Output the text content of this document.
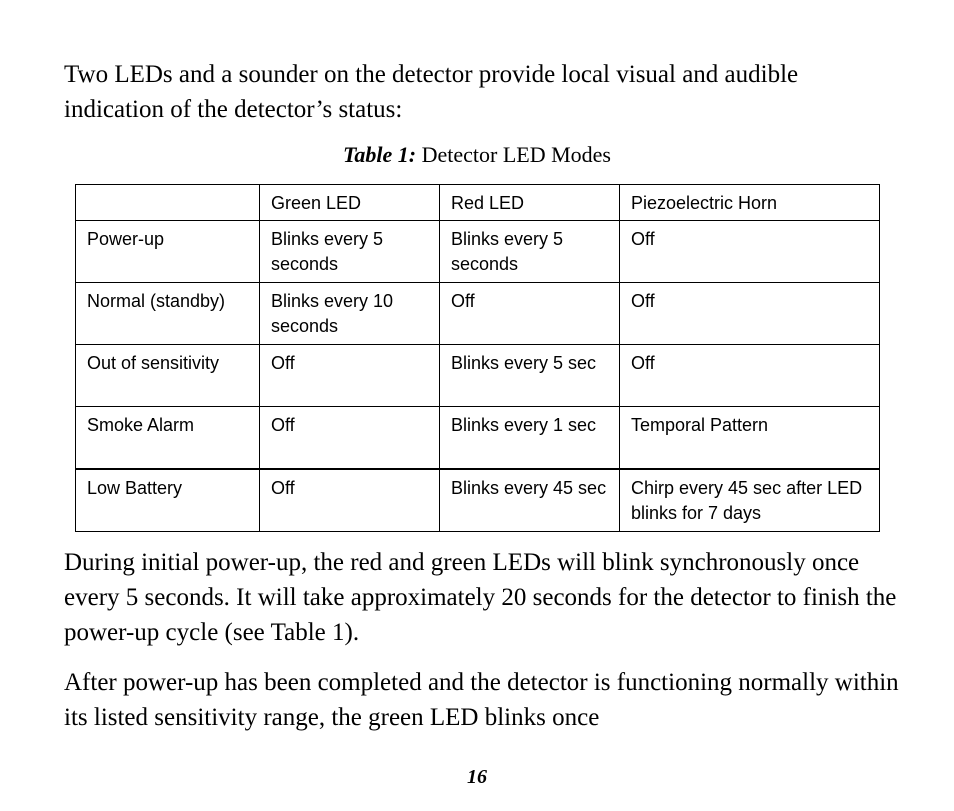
Two LEDs and a sounder on the detector provide local visual and audible indication of the detector’s status:

Table 1: Detector LED Modes
	Green LED	Red LED	Piezoelectric Horn
Power-up	Blinks every 5 seconds	Blinks every 5 seconds	Off
Normal (standby)	Blinks every 10 seconds	Off	Off
Out of sensitivity	Off	Blinks every 5 sec	Off
Smoke Alarm	Off	Blinks every 1 sec	Temporal Pattern
Low Battery	Off	Blinks every 45 sec	Chirp every 45 sec after LED blinks for 7 days

During initial power-up, the red and green LEDs will blink synchronously once every 5 seconds. It will take approximately 20 seconds for the detector to finish the power-up cycle (see Table 1).

After power-up has been completed and the detector is functioning normally within its listed sensitivity range, the green LED blinks once

16
